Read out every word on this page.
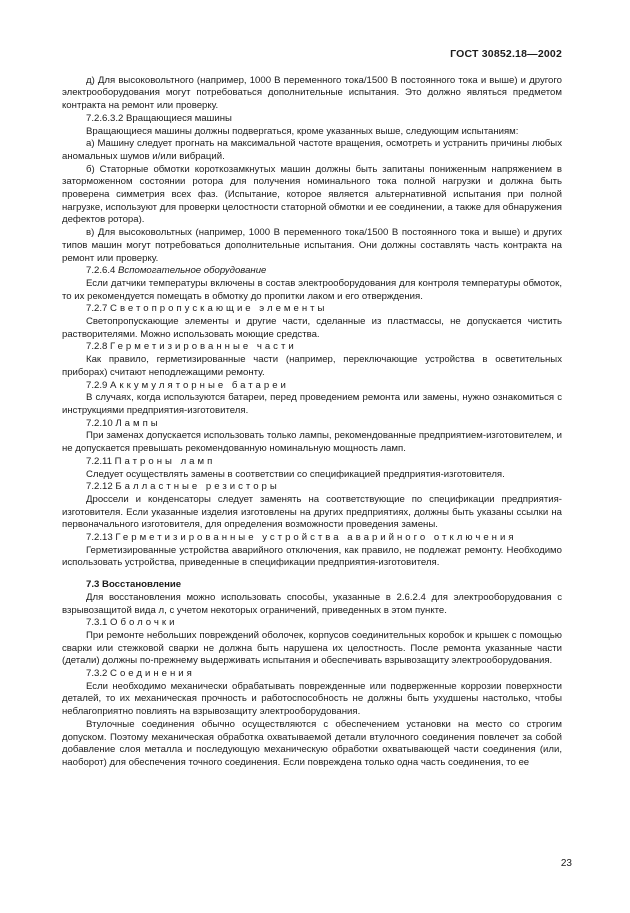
ГОСТ 30852.18—2002
д) Для высоковольтного (например, 1000 В переменного тока/1500 В постоянного тока и выше) и другого электрооборудования могут потребоваться дополнительные испытания. Это должно являться предметом контракта на ремонт или проверку.
7.2.6.3.2 Вращающиеся машины
Вращающиеся машины должны подвергаться, кроме указанных выше, следующим испытаниям:
а) Машину следует прогнать на максимальной частоте вращения, осмотреть и устранить причины любых аномальных шумов и/или вибраций.
б) Статорные обмотки короткозамкнутых машин должны быть запитаны пониженным напряжением в заторможенном состоянии ротора для получения номинального тока полной нагрузки и должна быть проверена симметрия всех фаз. (Испытание, которое является альтернативной испытания при полной нагрузке, используют для проверки целостности статорной обмотки и ее соединении, а также для обнаружения дефектов ротора).
в) Для высоковольтных (например, 1000 В переменного тока/1500 В постоянного тока и выше) и других типов машин могут потребоваться дополнительные испытания. Они должны составлять часть контракта на ремонт или проверку.
7.2.6.4 Вспомогательное оборудование
Если датчики температуры включены в состав электрооборудования для контроля температуры обмоток, то их рекомендуется помещать в обмотку до пропитки лаком и его отверждения.
7.2.7 Светопропускающие элементы
Светопропускающие элементы и другие части, сделанные из пластмассы, не допускается чистить растворителями. Можно использовать моющие средства.
7.2.8 Герметизированные части
Как правило, герметизированные части (например, переключающие устройства в осветительных приборах) считают неподлежащими ремонту.
7.2.9 Аккумуляторные батареи
В случаях, когда используются батареи, перед проведением ремонта или замены, нужно ознакомиться с инструкциями предприятия-изготовителя.
7.2.10 Лампы
При заменах допускается использовать только лампы, рекомендованные предприятием-изготовителем, и не допускается превышать рекомендованную номинальную мощность ламп.
7.2.11 Патроны ламп
Следует осуществлять замены в соответствии со спецификацией предприятия-изготовителя.
7.2.12 Балластные резисторы
Дроссели и конденсаторы следует заменять на соответствующие по спецификации предприятия-изготовителя. Если указанные изделия изготовлены на других предприятиях, должны быть указаны ссылки на первоначального изготовителя, для определения возможности проведения замены.
7.2.13 Герметизированные устройства аварийного отключения
Герметизированные устройства аварийного отключения, как правило, не подлежат ремонту. Необходимо использовать устройства, приведенные в спецификации предприятия-изготовителя.
7.3 Восстановление
Для восстановления можно использовать способы, указанные в 2.6.2.4 для электрооборудования с взрывозащитой вида л, с учетом некоторых ограничений, приведенных в этом пункте.
7.3.1 Оболочки
При ремонте небольших повреждений оболочек, корпусов соединительных коробок и крышек с помощью сварки или стежковой сварки не должна быть нарушена их целостность. После ремонта указанные части (детали) должны по-прежнему выдерживать испытания и обеспечивать взрывозащиту электрооборудования.
7.3.2 Соединения
Если необходимо механически обрабатывать поврежденные или подверженные коррозии поверхности деталей, то их механическая прочность и работоспособность не должны быть ухудшены настолько, чтобы неблагоприятно повлиять на взрывозащиту электрооборудования.
Втулочные соединения обычно осуществляются с обеспечением установки на место со строгим допуском. Поэтому механическая обработка охватываемой детали втулочного соединения повлечет за собой добавление слоя металла и последующую механическую обработки охватывающей части соединения (или, наоборот) для обеспечения точного соединения. Если повреждена только одна часть соединения, то ее
23
